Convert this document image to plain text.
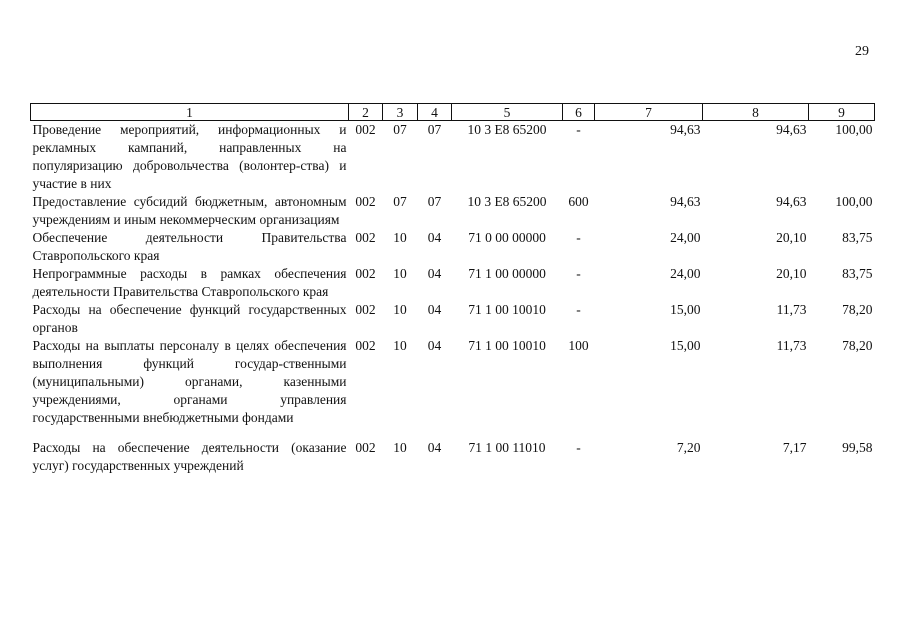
29
1	2	3	4	5	6	7	8	9
Проведение мероприятий, информационных и рекламных кампаний, направленных на популяризацию добровольчества (волонтер-ства) и участие в них	002	07	07	10 3 Е8 65200	-	94,63	94,63	100,00
Предоставление субсидий бюджетным, автономным учреждениям и иным некоммерческим организациям	002	07	07	10 3 Е8 65200	600	94,63	94,63	100,00
Обеспечение деятельности Правительства Ставропольского края	002	10	04	71 0 00 00000	-	24,00	20,10	83,75
Непрограммные расходы в рамках обеспечения деятельности Правительства Ставропольского края	002	10	04	71 1 00 00000	-	24,00	20,10	83,75
Расходы на обеспечение функций государственных органов	002	10	04	71 1 00 10010	-	15,00	11,73	78,20
Расходы на выплаты персоналу в целях обеспечения выполнения функций государ-ственными (муниципальными) органами, казенными учреждениями, органами управления государственными внебюджетными фондами	002	10	04	71 1 00 10010	100	15,00	11,73	78,20
Расходы на обеспечение деятельности (оказание услуг) государственных учреждений	002	10	04	71 1 00 11010	-	7,20	7,17	99,58
